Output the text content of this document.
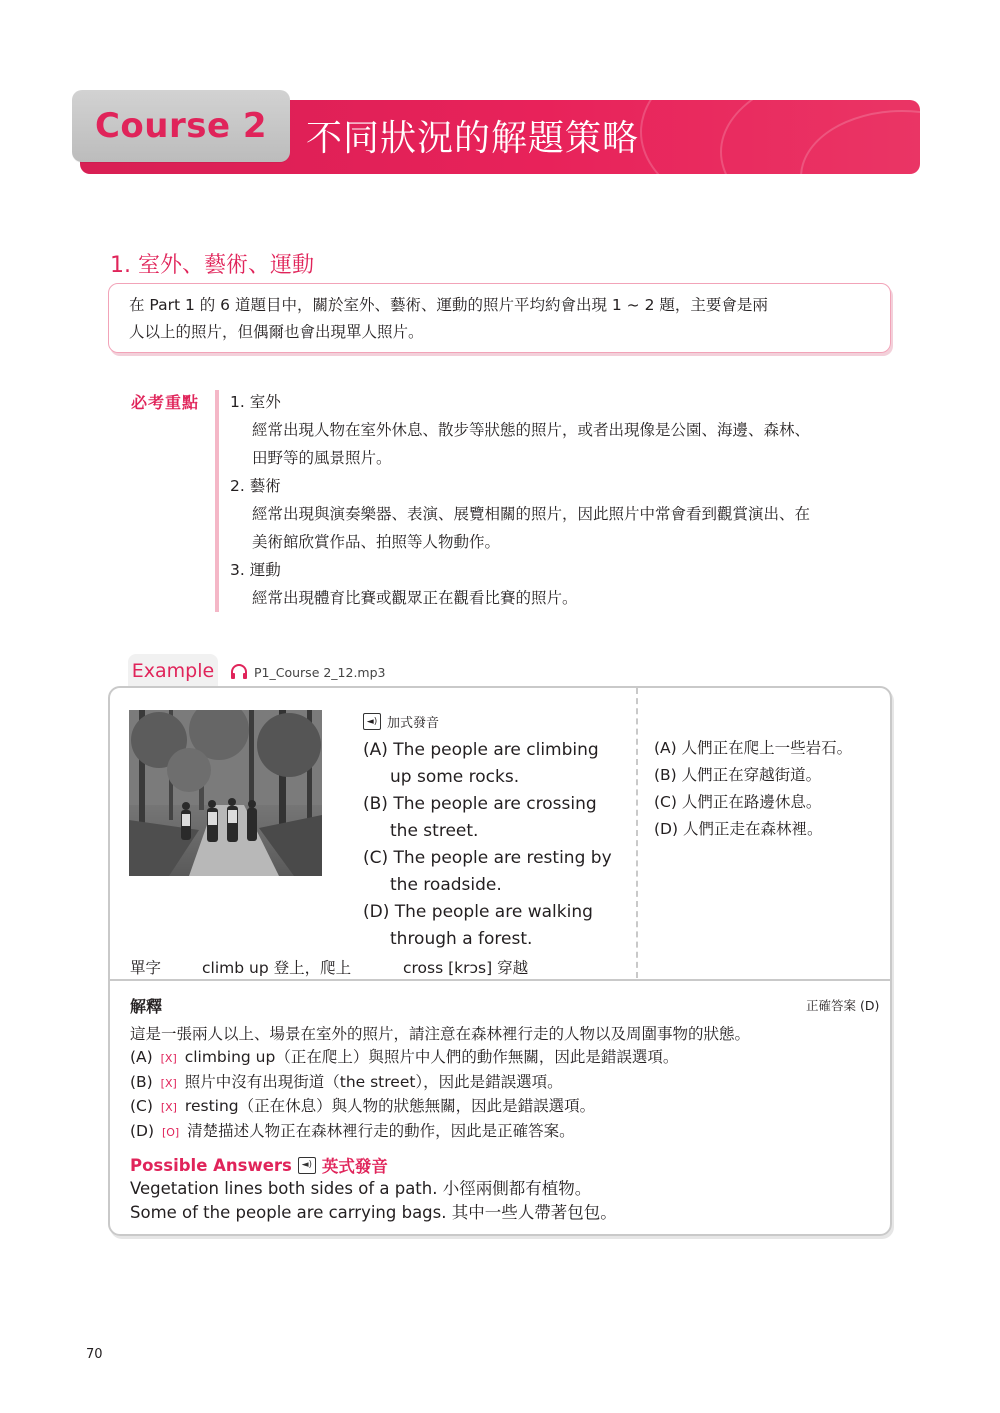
Course 2 不同狀況的解題策略
1. 室外、藝術、運動

在 Part 1 的 6 道題目中，關於室外、藝術、運動的照片平均約會出現 1 ~ 2 題，主要會是兩

人以上的照片，但偶爾也會出現單人照片。

必考重點 1. 室外
經常出現人物在室外休息、散步等狀態的照片，或者出現像是公園、海邊、森林、
田野等的風景照片。
2. 藝術
經常出現與演奏樂器、表演、展覽相關的照片，因此照片中常會看到觀賞演出、在
美術館欣賞作品、拍照等人物動作。
3. 運動
經常出現體育比賽或觀眾正在觀看比賽的照片。
Example	P1_Course 2_12.mp3
◄) 加式發音
(A) The people are climbing
up some rocks.
(B) The people are crossing
the street.
(C) The people are resting by
the roadside.
(D) The people are walking
through a forest.
(A) 人們正在爬上一些岩石。
(B) 人們正在穿越街道。
(C) 人們正在路邊休息。
(D) 人們正走在森林裡。
單字	climb up 登上，爬上	cross [krɔs] 穿越
解釋	正確答案 (D)
這是一張兩人以上、場景在室外的照片，請注意在森林裡行走的人物以及周圍事物的狀態。
(A) [X] climbing up（正在爬上）與照片中人們的動作無關，因此是錯誤選項。
(B) [X] 照片中沒有出現街道（the street），因此是錯誤選項。
(C) [X] resting（正在休息）與人物的狀態無關，因此是錯誤選項。
(D) [O] 清楚描述人物正在森林裡行走的動作，因此是正確答案。
Possible Answers	◄) 英式發音
Vegetation lines both sides of a path. 小徑兩側都有植物。
Some of the people are carrying bags. 其中一些人帶著包包。
70
